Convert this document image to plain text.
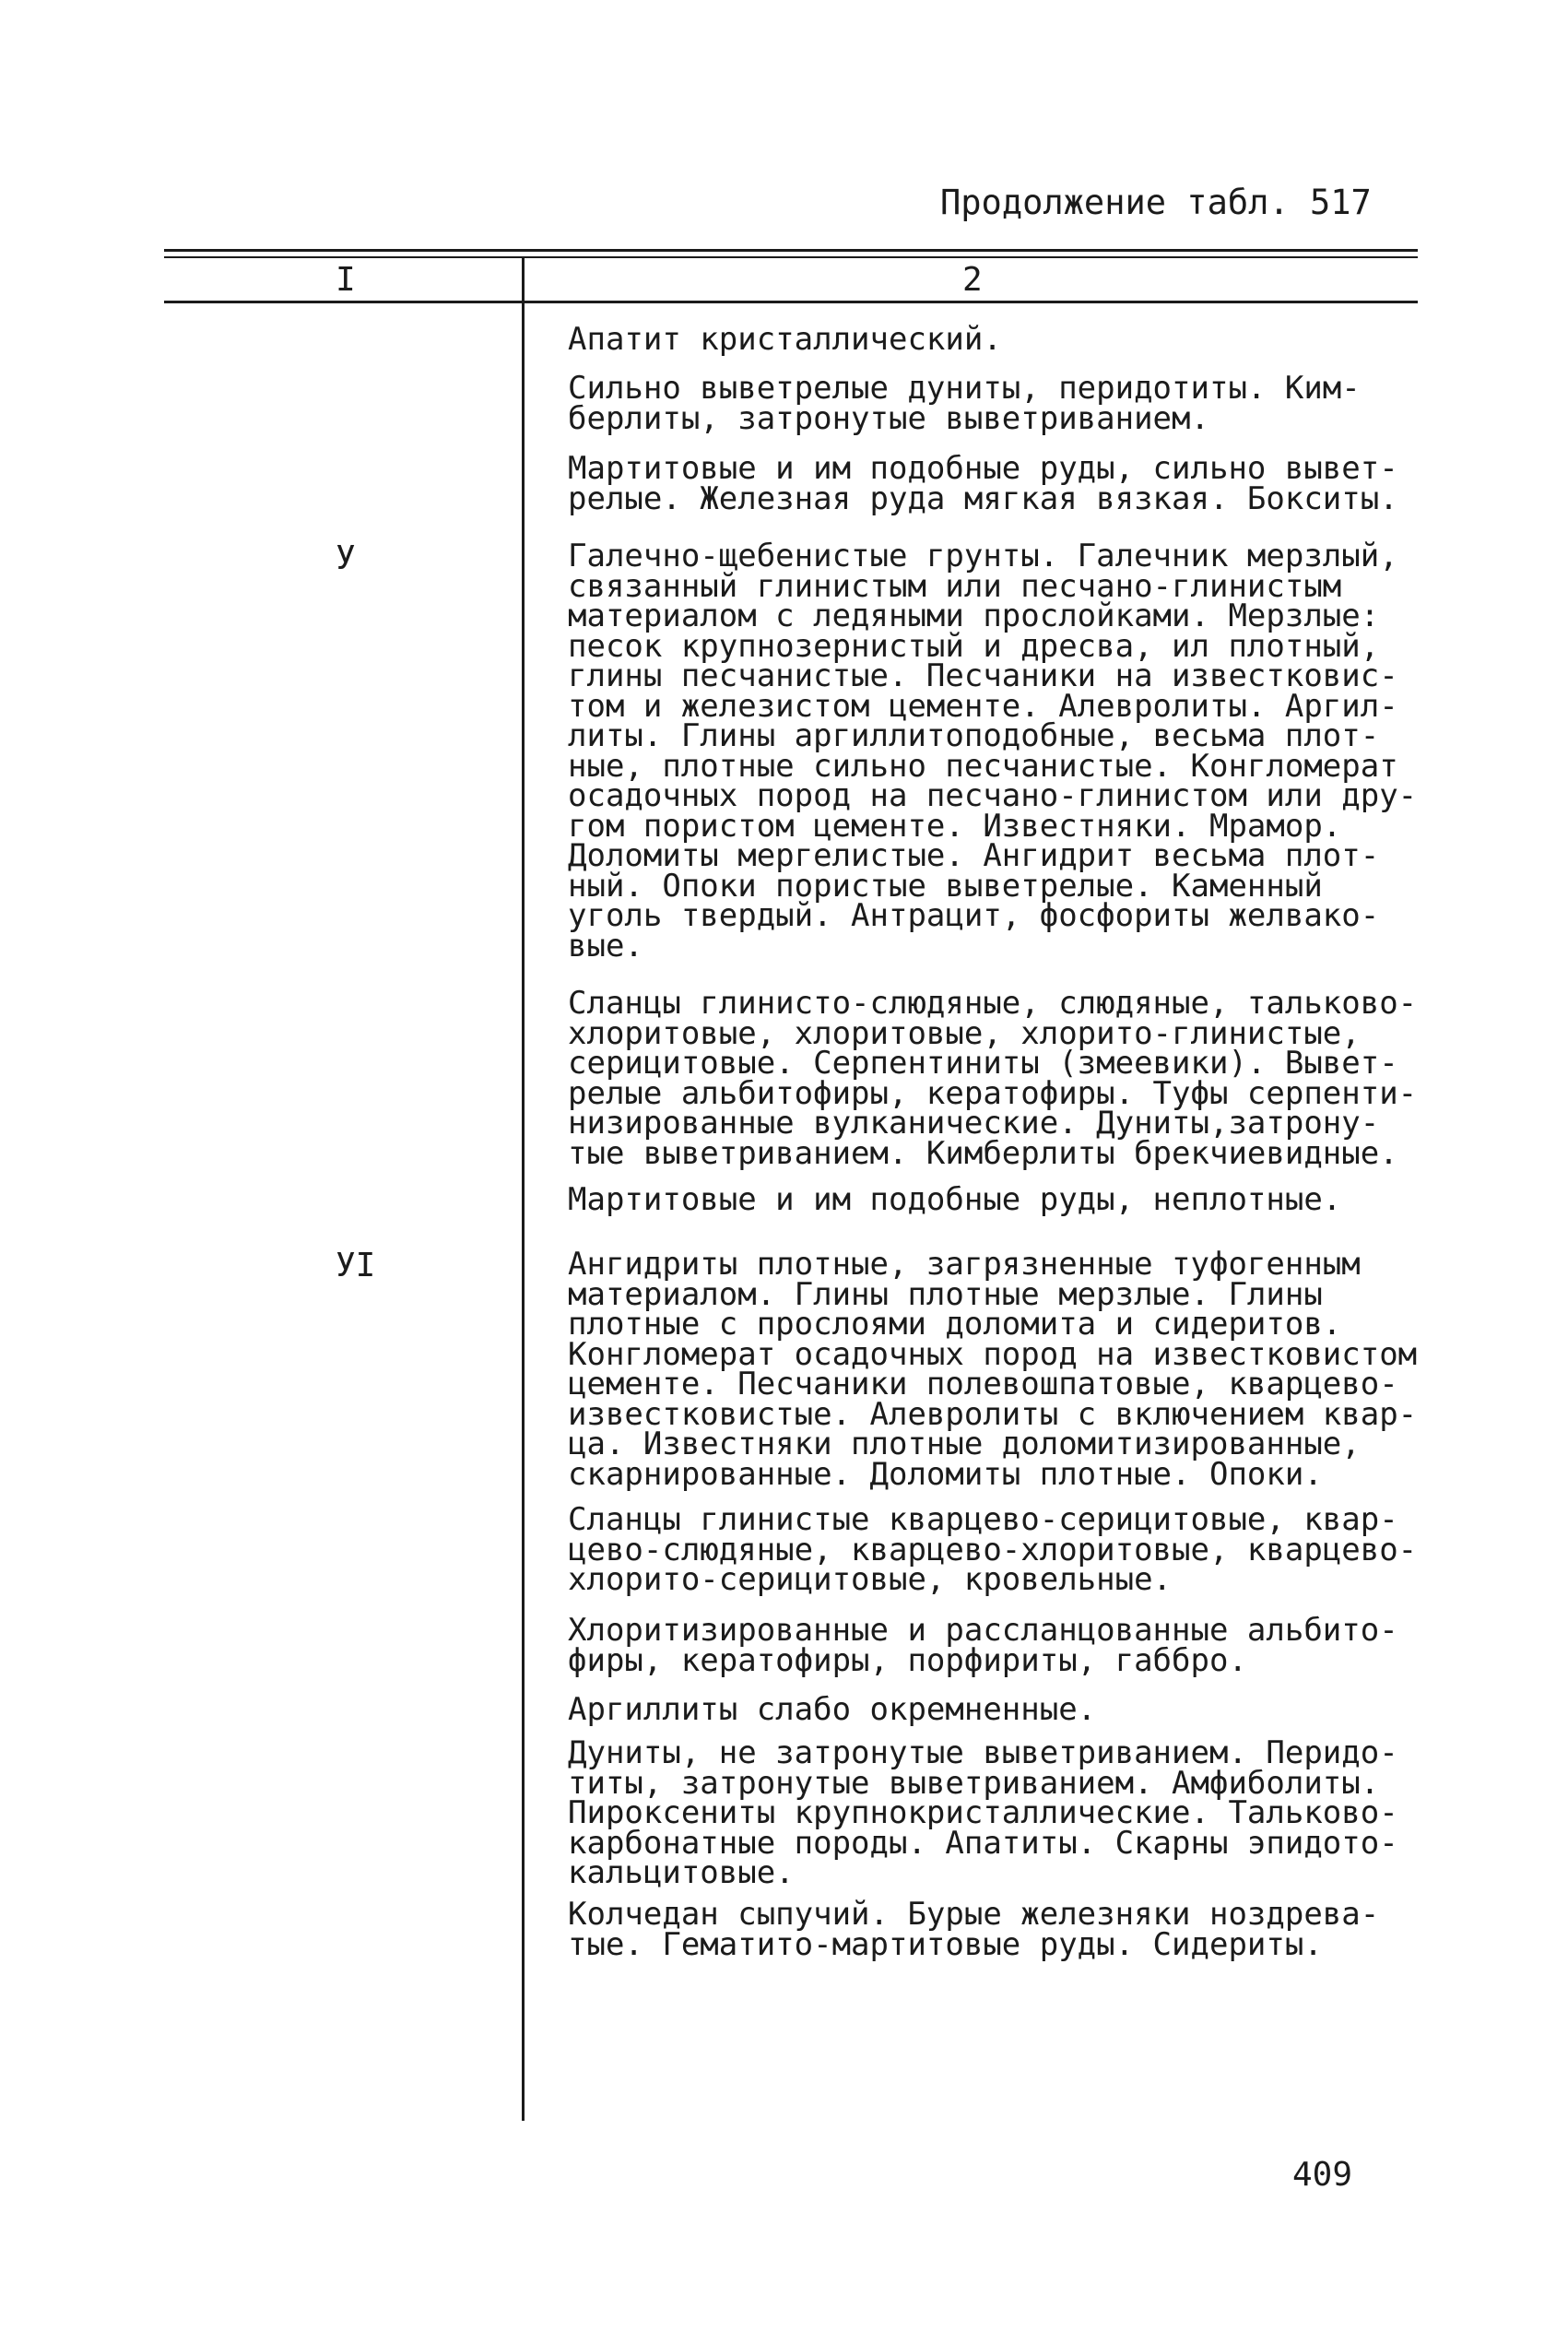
Продолжение табл. 517
I	2
У
УI
Апатит кристаллический.
Сильно выветрелые дуниты, перидотиты. Ким-
берлиты, затронутые выветриванием.
Мартитовые и им подобные руды, сильно вывет-
релые. Железная руда мягкая вязкая. Бокситы.
Галечно-щебенистые грунты. Галечник мерзлый,
связанный глинистым или песчано-глинистым
материалом с ледяными прослойками. Мерзлые:
песок крупнозернистый и дресва, ил плотный,
глины песчанистые. Песчаники на известковис-
том и железистом цементе. Алевролиты. Аргил-
литы. Глины аргиллитоподобные, весьма плот-
ные, плотные сильно песчанистые. Конгломерат
осадочных пород на песчано-глинистом или дру-
гом пористом цементе. Известняки. Мрамор.
Доломиты мергелистые. Ангидрит весьма плот-
ный. Опоки пористые выветрелые. Каменный
уголь твердый. Антрацит, фосфориты желвако-
вые.
Сланцы глинисто-слюдяные, слюдяные, тальково-
хлоритовые, хлоритовые, хлорито-глинистые,
серицитовые. Серпентиниты (змеевики). Вывет-
релые альбитофиры, кератофиры. Туфы серпенти-
низированные вулканические. Дуниты,затрону-
тые выветриванием. Кимберлиты брекчиевидные.
Мартитовые и им подобные руды, неплотные.
Ангидриты плотные, загрязненные туфогенным
материалом. Глины плотные мерзлые. Глины
плотные с прослоями доломита и сидеритов.
Конгломерат осадочных пород на известковистом
цементе. Песчаники полевошпатовые, кварцево-
известковистые. Алевролиты с включением квар-
ца. Известняки плотные доломитизированные,
скарнированные. Доломиты плотные. Опоки.
Сланцы глинистые кварцево-серицитовые, квар-
цево-слюдяные, кварцево-хлоритовые, кварцево-
хлорито-серицитовые, кровельные.
Хлоритизированные и рассланцованные альбито-
фиры, кератофиры, порфириты, габбро.
Аргиллиты слабо окремненные.
Дуниты, не затронутые выветриванием. Перидо-
титы, затронутые выветриванием. Амфиболиты.
Пироксениты крупнокристаллические. Тальково-
карбонатные породы. Апатиты. Скарны эпидото-
кальцитовые.
Колчедан сыпучий. Бурые железняки ноздрева-
тые. Гематито-мартитовые руды. Сидериты.
409
